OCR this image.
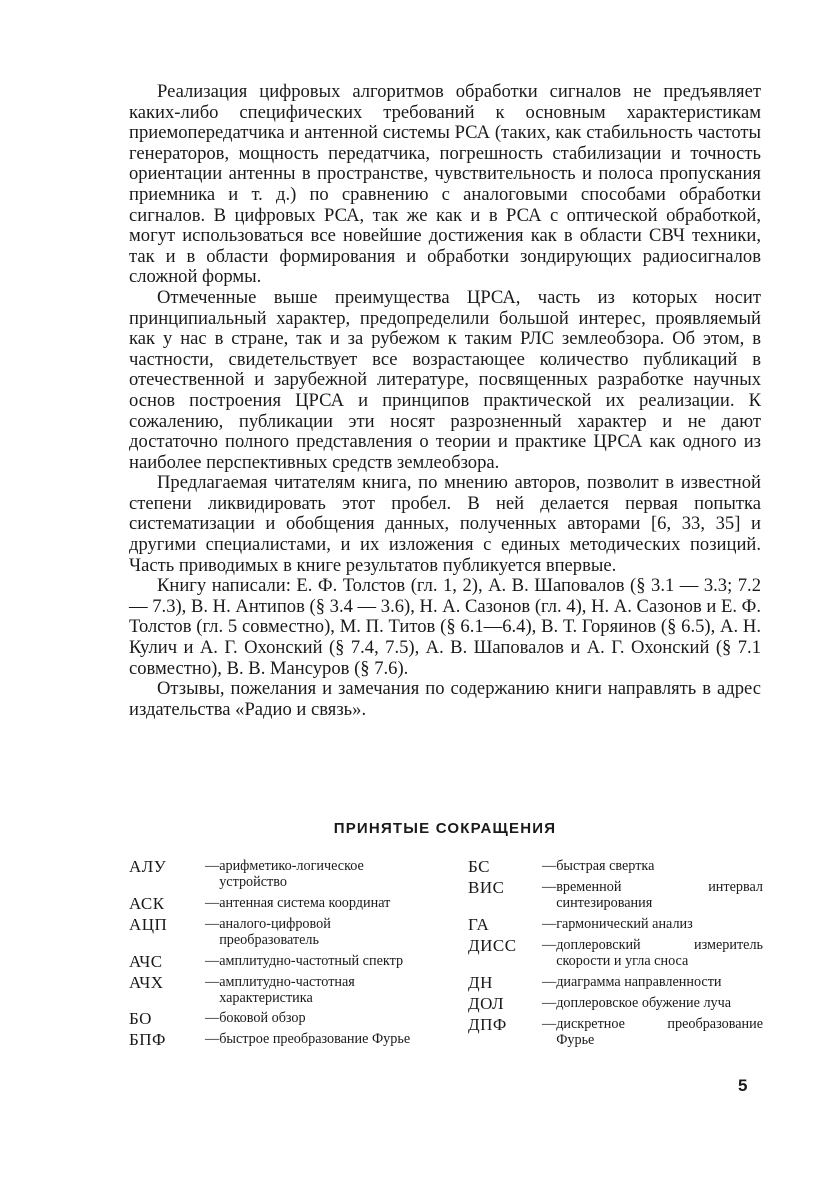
Реализация цифровых алгоритмов обработки сигналов не предъявляет каких-либо специфических требований к основным характеристикам приемопередатчика и антенной системы РСА (таких, как стабильность частоты генераторов, мощность передатчика, погрешность стабилизации и точность ориентации антенны в пространстве, чувствительность и полоса пропускания приемника и т. д.) по сравнению с аналоговыми способами обработки сигналов. В цифровых РСА, так же как и в РСА с оптической обработкой, могут использоваться все новейшие достижения как в области СВЧ техники, так и в области формирования и обработки зондирующих радиосигналов сложной формы.

Отмеченные выше преимущества ЦРСА, часть из которых носит принципиальный характер, предопределили большой интерес, проявляемый как у нас в стране, так и за рубежом к таким РЛС землеобзора. Об этом, в частности, свидетельствует все возрастающее количество публикаций в отечественной и зарубежной литературе, посвященных разработке научных основ построения ЦРСА и принципов практической их реализации. К сожалению, публикации эти носят разрозненный характер и не дают достаточно полного представления о теории и практике ЦРСА как одного из наиболее перспективных средств землеобзора.

Предлагаемая читателям книга, по мнению авторов, позволит в известной степени ликвидировать этот пробел. В ней делается первая попытка систематизации и обобщения данных, полученных авторами [6, 33, 35] и другими специалистами, и их изложения с единых методических позиций. Часть приводимых в книге результатов публикуется впервые.

Книгу написали: Е. Ф. Толстов (гл. 1, 2), А. В. Шаповалов (§ 3.1 — 3.3; 7.2 — 7.3), В. Н. Антипов (§ 3.4 — 3.6), Н. А. Сазонов (гл. 4), Н. А. Сазонов и Е. Ф. Толстов (гл. 5 совместно), М. П. Титов (§ 6.1—6.4), В. Т. Горяинов (§ 6.5), А. Н. Кулич и А. Г. Охонский (§ 7.4, 7.5), А. В. Шаповалов и А. Г. Охонский (§ 7.1 совместно), В. В. Мансуров (§ 7.6).

Отзывы, пожелания и замечания по содержанию книги направлять в адрес издательства «Радио и связь».

ПРИНЯТЫЕ СОКРАЩЕНИЯ
АЛУ	— арифметико-логическое устройство
АСК	— антенная система координат
АЦП	— аналого-цифровой преобразователь
АЧС	— амплитудно-частотный спектр
АЧХ	— амплитудно-частотная характеристика
БО	— боковой обзор
БПФ	— быстрое преобразование Фурье
БС	— быстрая свертка
ВИС	— временной интервал синтезирования
ГА	— гармонический анализ
ДИСС	— доплеровский измеритель скорости и угла сноса
ДН	— диаграмма направленности
ДОЛ	— доплеровское обужение луча
ДПФ	— дискретное преобразование Фурье
5
